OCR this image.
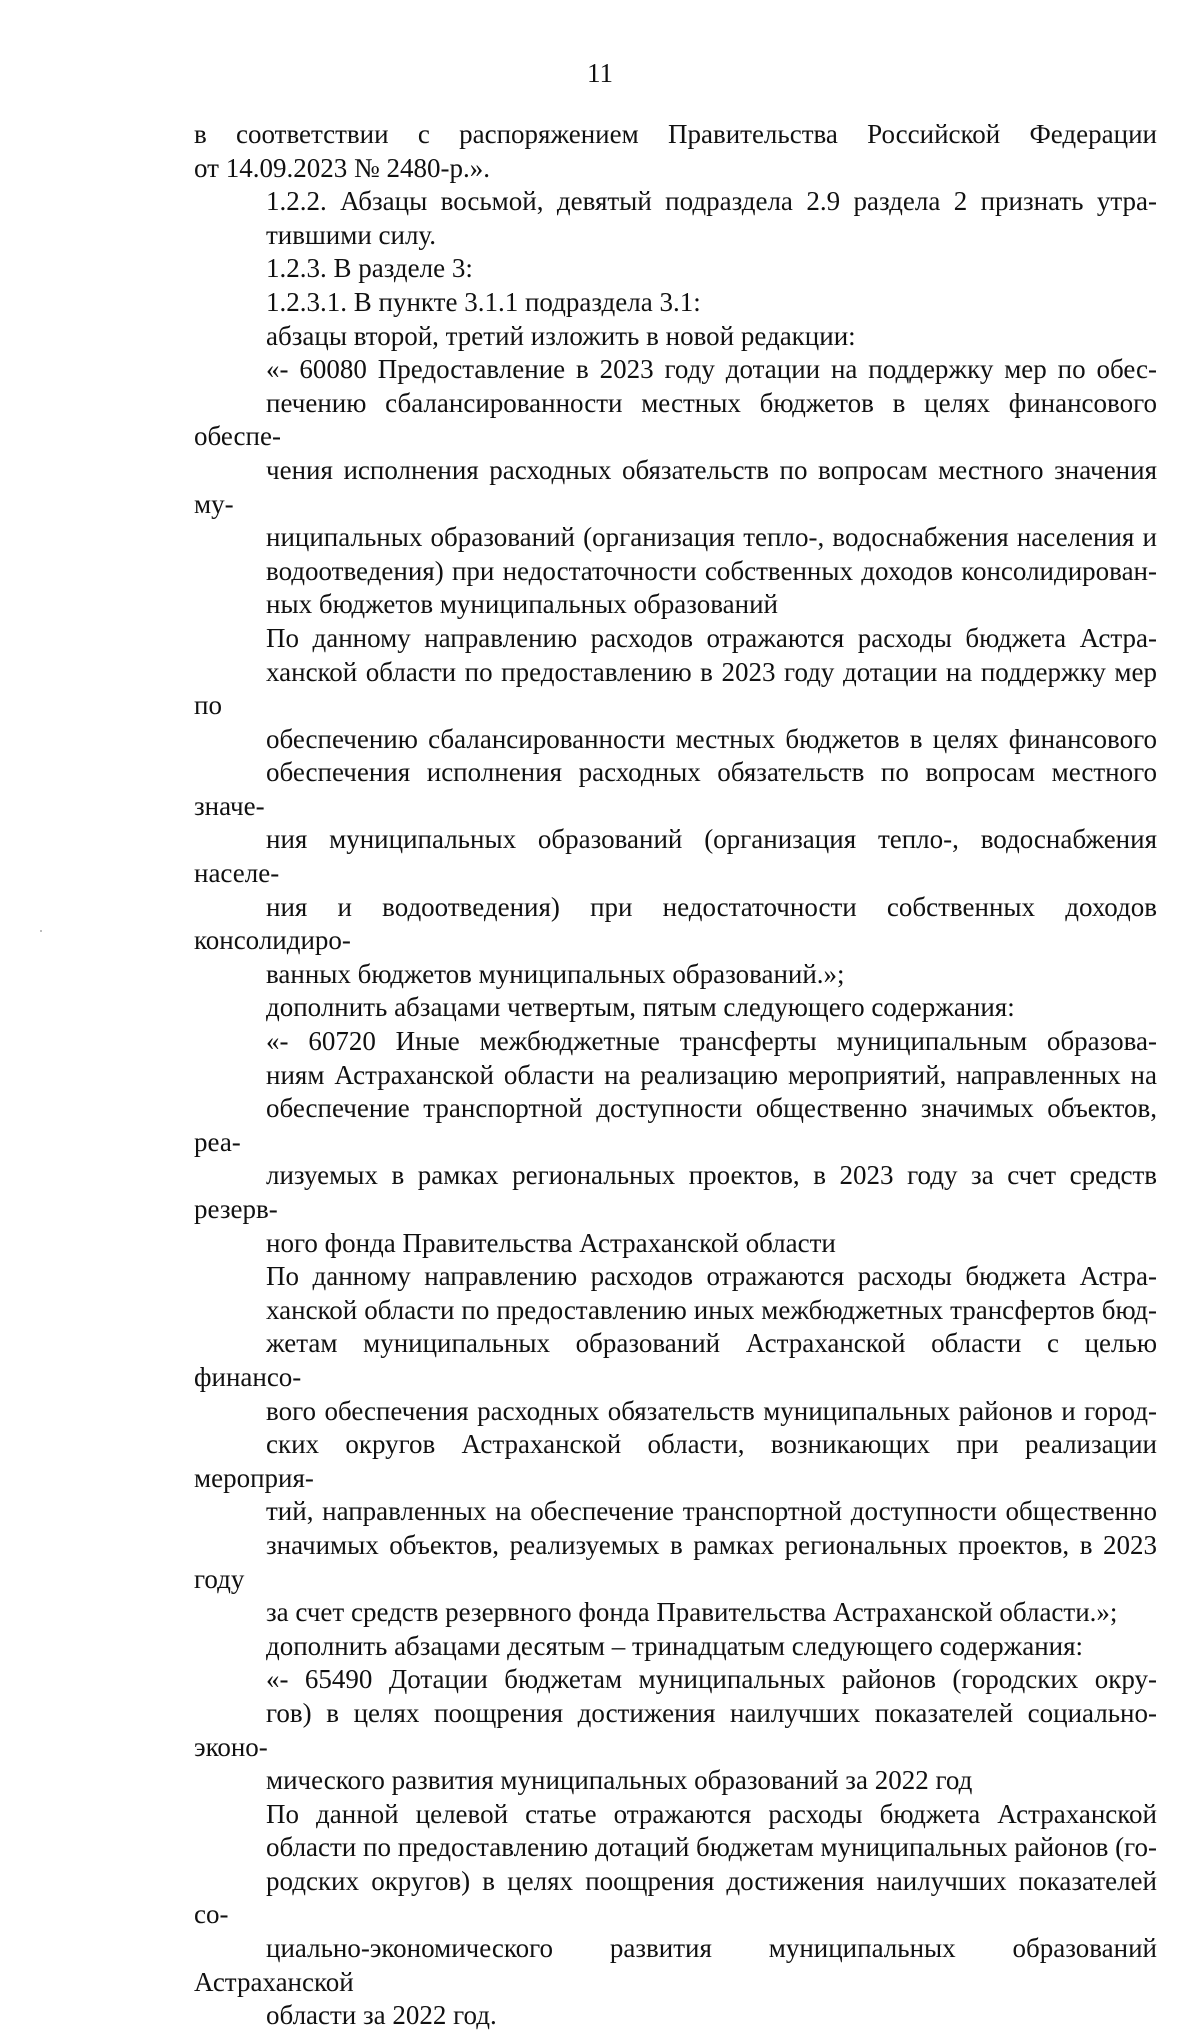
11
в соответствии с распоряжением Правительства Российской Федерации
от 14.09.2023 № 2480-р.».
1.2.2. Абзацы восьмой, девятый подраздела 2.9 раздела 2 признать утра-
тившими силу.
1.2.3. В разделе 3:
1.2.3.1. В пункте 3.1.1 подраздела 3.1:
абзацы второй, третий изложить в новой редакции:
«- 60080 Предоставление в 2023 году дотации на поддержку мер по обес-
печению сбалансированности местных бюджетов в целях финансового обеспе-
чения исполнения расходных обязательств по вопросам местного значения му-
ниципальных образований (организация тепло-, водоснабжения населения и
водоотведения) при недостаточности собственных доходов консолидирован-
ных бюджетов муниципальных образований
По данному направлению расходов отражаются расходы бюджета Астра-
ханской области по предоставлению в 2023 году дотации на поддержку мер по
обеспечению сбалансированности местных бюджетов в целях финансового
обеспечения исполнения расходных обязательств по вопросам местного значе-
ния муниципальных образований (организация тепло-, водоснабжения населе-
ния и водоотведения) при недостаточности собственных доходов консолидиро-
ванных бюджетов муниципальных образований.»;
дополнить абзацами четвертым, пятым следующего содержания:
«- 60720 Иные межбюджетные трансферты муниципальным образова-
ниям Астраханской области на реализацию мероприятий, направленных на
обеспечение транспортной доступности общественно значимых объектов, реа-
лизуемых в рамках региональных проектов, в 2023 году за счет средств резерв-
ного фонда Правительства Астраханской области
По данному направлению расходов отражаются расходы бюджета Астра-
ханской области по предоставлению иных межбюджетных трансфертов бюд-
жетам муниципальных образований Астраханской области с целью финансо-
вого обеспечения расходных обязательств муниципальных районов и город-
ских округов Астраханской области, возникающих при реализации мероприя-
тий, направленных на обеспечение транспортной доступности общественно
значимых объектов, реализуемых в рамках региональных проектов, в 2023 году
за счет средств резервного фонда Правительства Астраханской области.»;
дополнить абзацами десятым – тринадцатым следующего содержания:
«- 65490 Дотации бюджетам муниципальных районов (городских окру-
гов) в целях поощрения достижения наилучших показателей социально-эконо-
мического развития муниципальных образований за 2022 год
По данной целевой статье отражаются расходы бюджета Астраханской
области по предоставлению дотаций бюджетам муниципальных районов (го-
родских округов) в целях поощрения достижения наилучших показателей со-
циально-экономического развития муниципальных образований Астраханской
области за 2022 год.
